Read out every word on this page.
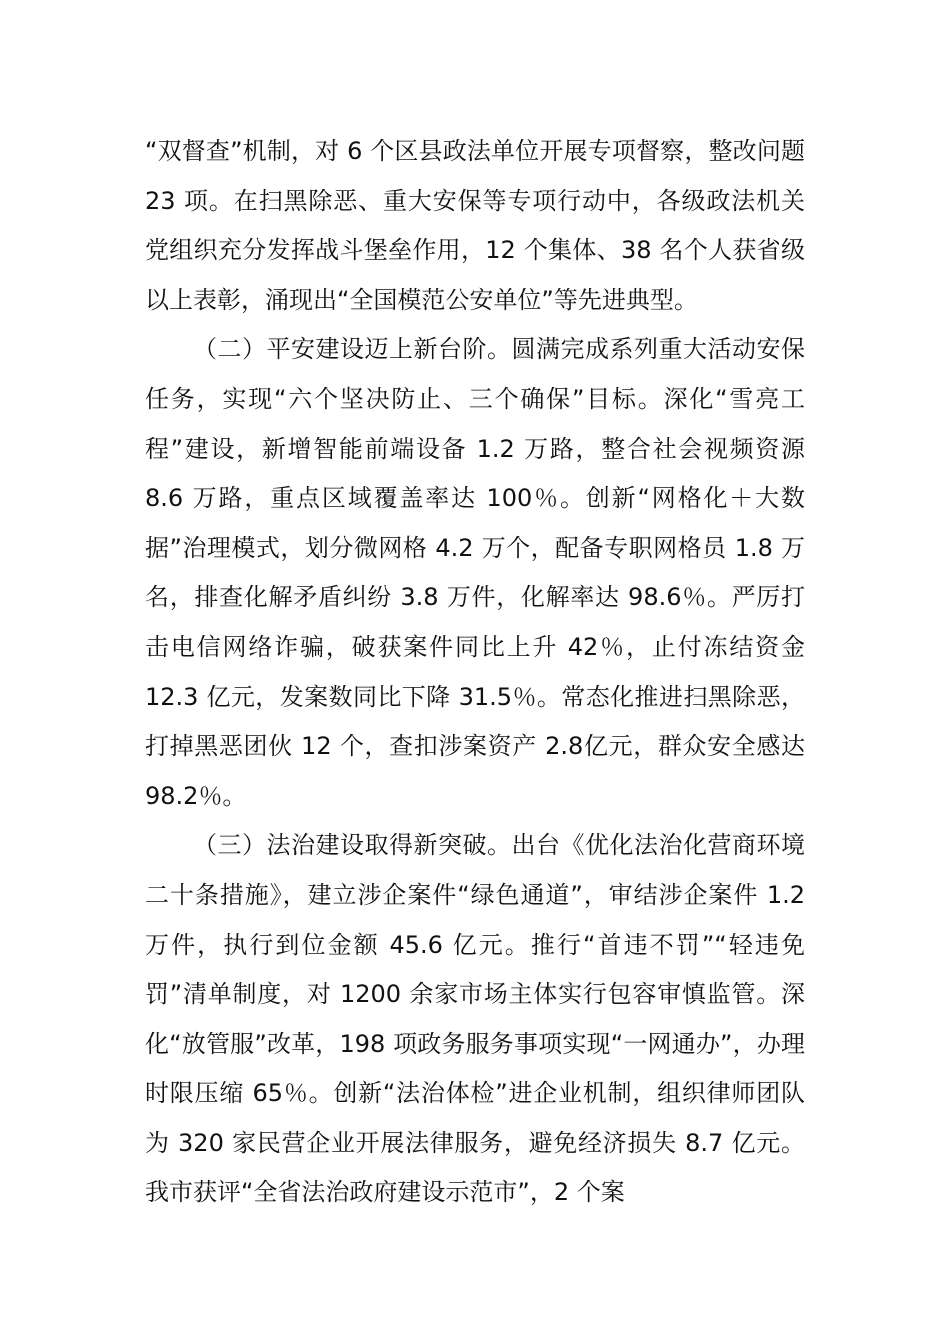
“双督查”机制，对 6 个区县政法单位开展专项督察，整改问题 23 项。在扫黑除恶、重大安保等专项行动中，各级政法机关党组织充分发挥战斗堡垒作用，12 个集体、38 名个人获省级以上表彰，涌现出“全国模范公安单位”等先进典型。

（二）平安建设迈上新台阶。圆满完成系列重大活动安保任务，实现“六个坚决防止、三个确保”目标。深化“雪亮工程”建设，新增智能前端设备 1.2 万路，整合社会视频资源 8.6 万路，重点区域覆盖率达 100％。创新“网格化＋大数据”治理模式，划分微网格 4.2 万个，配备专职网格员 1.8 万名，排查化解矛盾纠纷 3.8 万件，化解率达 98.6％。严厉打击电信网络诈骗，破获案件同比上升 42％，止付冻结资金 12.3 亿元，发案数同比下降 31.5％。常态化推进扫黑除恶，打掉黑恶团伙 12 个，查扣涉案资产 2.8亿元，群众安全感达 98.2％。

（三）法治建设取得新突破。出台《优化法治化营商环境二十条措施》，建立涉企案件“绿色通道”，审结涉企案件 1.2 万件，执行到位金额 45.6 亿元。推行“首违不罚”“轻违免罚”清单制度，对 1200 余家市场主体实行包容审慎监管。深化“放管服”改革，198 项政务服务事项实现“一网通办”，办理时限压缩 65％。创新“法治体检”进企业机制，组织律师团队为 320 家民营企业开展法律服务，避免经济损失 8.7 亿元。我市获评“全省法治政府建设示范市”，2 个案
